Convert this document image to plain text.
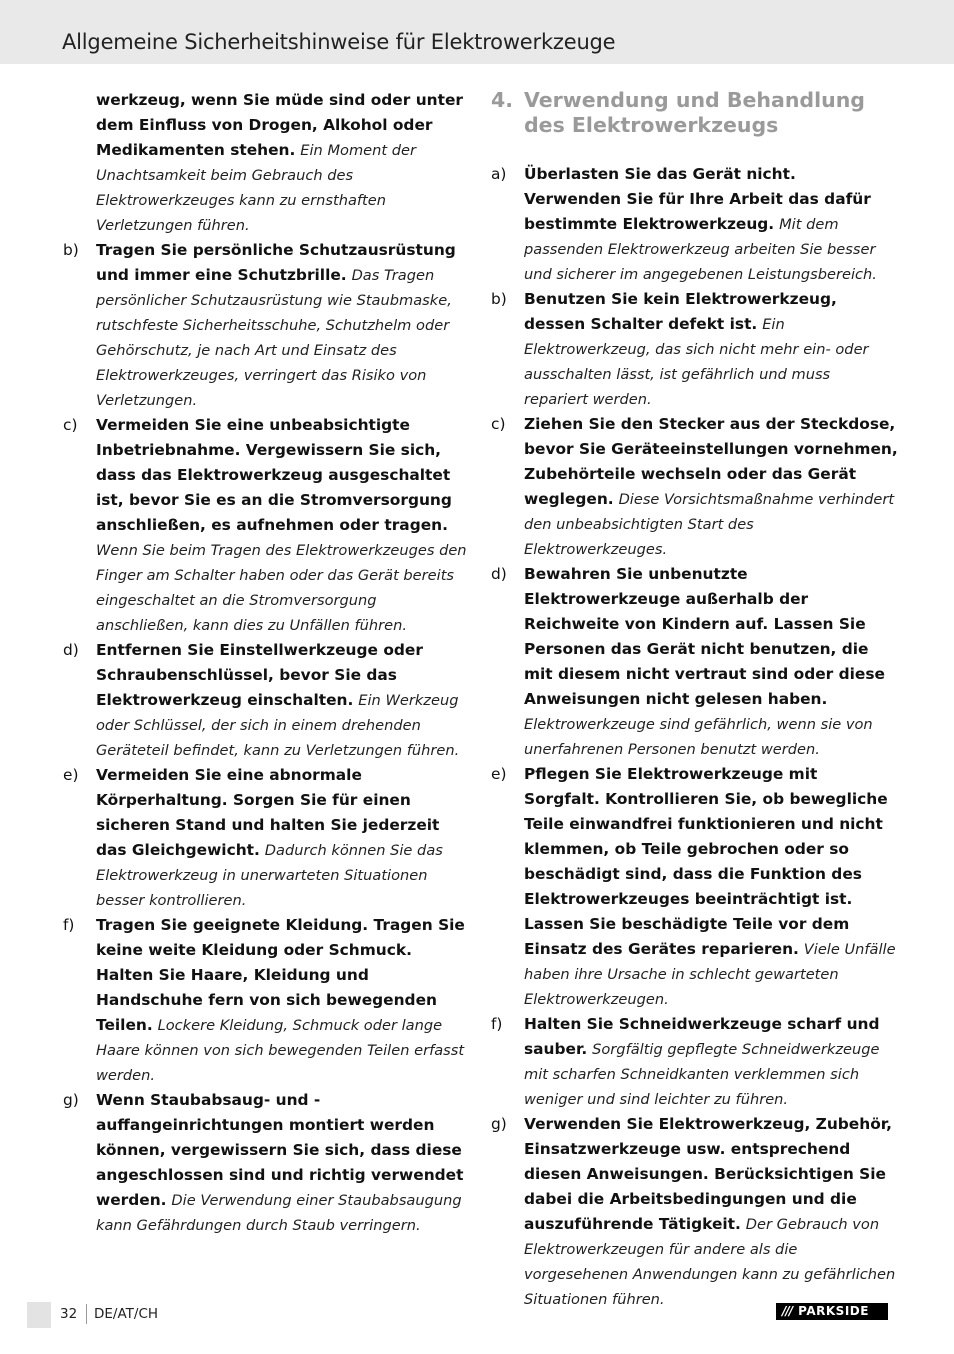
Allgemeine Sicherheitshinweise für Elektrowerkzeuge

werkzeug, wenn Sie müde sind oder unter dem Einfluss von Drogen, Alkohol oder Medikamenten stehen. Ein Moment der Unachtsamkeit beim Gebrauch des Elektrowerkzeuges kann zu ernsthaften Verletzungen führen.

b) Tragen Sie persönliche Schutzausrüstung und immer eine Schutzbrille. Das Tragen persönlicher Schutzausrüstung wie Staubmaske, rutschfeste Sicherheitsschuhe, Schutzhelm oder Gehörschutz, je nach Art und Einsatz des Elektrowerkzeuges, verringert das Risiko von Verletzungen.

c) Vermeiden Sie eine unbeabsichtigte Inbetriebnahme. Vergewissern Sie sich, dass das Elektrowerkzeug ausgeschaltet ist, bevor Sie es an die Stromversorgung anschließen, es aufnehmen oder tragen. Wenn Sie beim Tragen des Elektrowerkzeuges den Finger am Schalter haben oder das Gerät bereits eingeschaltet an die Stromversorgung anschließen, kann dies zu Unfällen führen.

d) Entfernen Sie Einstellwerkzeuge oder Schraubenschlüssel, bevor Sie das Elektrowerkzeug einschalten. Ein Werkzeug oder Schlüssel, der sich in einem drehenden Geräteteil befindet, kann zu Verletzungen führen.

e) Vermeiden Sie eine abnormale Körperhaltung. Sorgen Sie für einen sicheren Stand und halten Sie jederzeit das Gleichgewicht. Dadurch können Sie das Elektrowerkzeug in unerwarteten Situationen besser kontrollieren.

f) Tragen Sie geeignete Kleidung. Tragen Sie keine weite Kleidung oder Schmuck. Halten Sie Haare, Kleidung und Handschuhe fern von sich bewegenden Teilen. Lockere Kleidung, Schmuck oder lange Haare können von sich bewegenden Teilen erfasst werden.

g) Wenn Staubabsaug- und -auffangeinrichtungen montiert werden können, vergewissern Sie sich, dass diese angeschlossen sind und richtig verwendet werden. Die Verwendung einer Staubabsaugung kann Gefährdungen durch Staub verringern.

4. Verwendung und Behandlung des Elektrowerkzeugs

a) Überlasten Sie das Gerät nicht. Verwenden Sie für Ihre Arbeit das dafür bestimmte Elektrowerkzeug. Mit dem passenden Elektrowerkzeug arbeiten Sie besser und sicherer im angegebenen Leistungsbereich.

b) Benutzen Sie kein Elektrowerkzeug, dessen Schalter defekt ist. Ein Elektrowerkzeug, das sich nicht mehr ein- oder ausschalten lässt, ist gefährlich und muss repariert werden.

c) Ziehen Sie den Stecker aus der Steckdose, bevor Sie Geräteeinstellungen vornehmen, Zubehörteile wechseln oder das Gerät weglegen. Diese Vorsichtsmaßnahme verhindert den unbeabsichtigten Start des Elektrowerkzeuges.

d) Bewahren Sie unbenutzte Elektrowerkzeuge außerhalb der Reichweite von Kindern auf. Lassen Sie Personen das Gerät nicht benutzen, die mit diesem nicht vertraut sind oder diese Anweisungen nicht gelesen haben. Elektrowerkzeuge sind gefährlich, wenn sie von unerfahrenen Personen benutzt werden.

e) Pflegen Sie Elektrowerkzeuge mit Sorgfalt. Kontrollieren Sie, ob bewegliche Teile einwandfrei funktionieren und nicht klemmen, ob Teile gebrochen oder so beschädigt sind, dass die Funktion des Elektrowerkzeuges beeinträchtigt ist. Lassen Sie beschädigte Teile vor dem Einsatz des Gerätes reparieren. Viele Unfälle haben ihre Ursache in schlecht gewarteten Elektrowerkzeugen.

f) Halten Sie Schneidwerkzeuge scharf und sauber. Sorgfältig gepflegte Schneidwerkzeuge mit scharfen Schneidkanten verklemmen sich weniger und sind leichter zu führen.

g) Verwenden Sie Elektrowerkzeug, Zubehör, Einsatzwerkzeuge usw. entsprechend diesen Anweisungen. Berücksichtigen Sie dabei die Arbeitsbedingungen und die auszuführende Tätigkeit. Der Gebrauch von Elektrowerkzeugen für andere als die vorgesehenen Anwendungen kann zu gefährlichen Situationen führen.

32 DE/AT/CH	/// PARKSIDE
